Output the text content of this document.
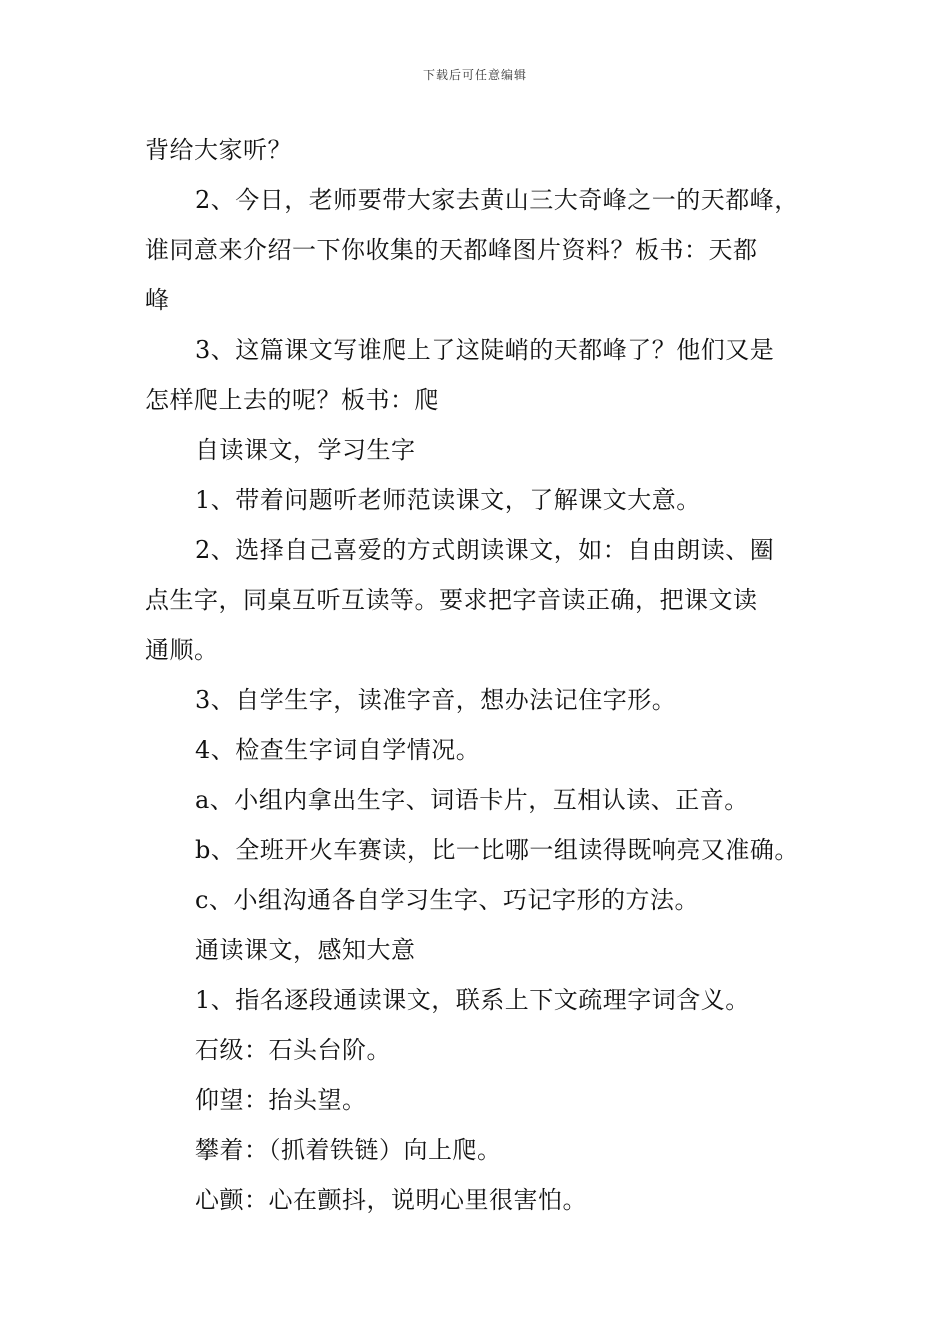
下载后可任意编辑

背给大家听？

2、今日，老师要带大家去黄山三大奇峰之一的天都峰，
谁同意来介绍一下你收集的天都峰图片资料？板书：天都
峰

3、这篇课文写谁爬上了这陡峭的天都峰了？他们又是
怎样爬上去的呢？板书：爬

自读课文，学习生字

1、带着问题听老师范读课文，了解课文大意。

2、选择自己喜爱的方式朗读课文，如：自由朗读、圈
点生字，同桌互听互读等。要求把字音读正确，把课文读
通顺。

3、自学生字，读准字音，想办法记住字形。

4、检查生字词自学情况。

a、小组内拿出生字、词语卡片，互相认读、正音。

b、全班开火车赛读，比一比哪一组读得既响亮又准确。

c、小组沟通各自学习生字、巧记字形的方法。

通读课文，感知大意

1、指名逐段通读课文，联系上下文疏理字词含义。

石级：石头台阶。

仰望：抬头望。

攀着：（抓着铁链）向上爬。

心颤：心在颤抖，说明心里很害怕。
